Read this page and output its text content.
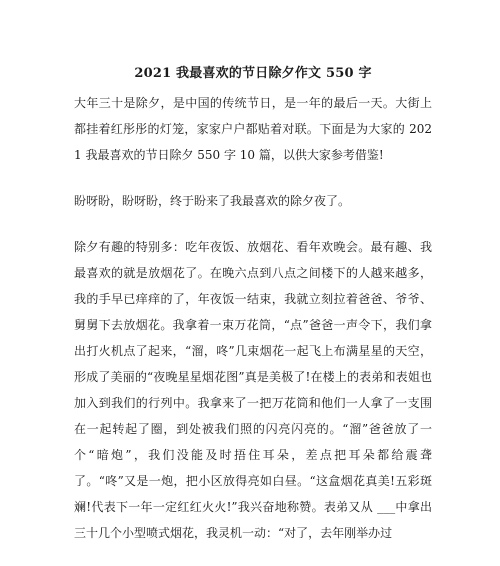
2021 我最喜欢的节日除夕作文 550 字

大年三十是除夕，是中国的传统节日，是一年的最后一天。大街上都挂着红彤彤的灯笼，家家户户都贴着对联。下面是为大家的 2021 我最喜欢的节日除夕 550 字 10 篇，以供大家参考借鉴!

盼呀盼，盼呀盼，终于盼来了我最喜欢的除夕夜了。

除夕有趣的特别多：吃年夜饭、放烟花、看年欢晚会。最有趣、我最喜欢的就是放烟花了。在晚六点到八点之间楼下的人越来越多，我的手早已痒痒的了，年夜饭一结束，我就立刻拉着爸爸、爷爷、舅舅下去放烟花。我拿着一束万花筒，“点”爸爸一声令下，我们拿出打火机点了起来，“溜，咚”几束烟花一起飞上布满星星的天空，形成了美丽的“夜晚星星烟花图”真是美极了!在楼上的表弟和表姐也加入到我们的行列中。我拿来了一把万花筒和他们一人拿了一支围在一起转起了圈，到处被我们照的闪亮闪亮的。“溜”爸爸放了一个“暗炮”，我们没能及时捂住耳朵，差点把耳朵都给震聋了。“咚”又是一炮，把小区放得亮如白昼。“这盒烟花真美!五彩斑斓!代表下一年一定红红火火!”我兴奋地称赞。表弟又从 ___中拿出三十几个小型喷式烟花，我灵机一动：“对了，去年刚举办过
